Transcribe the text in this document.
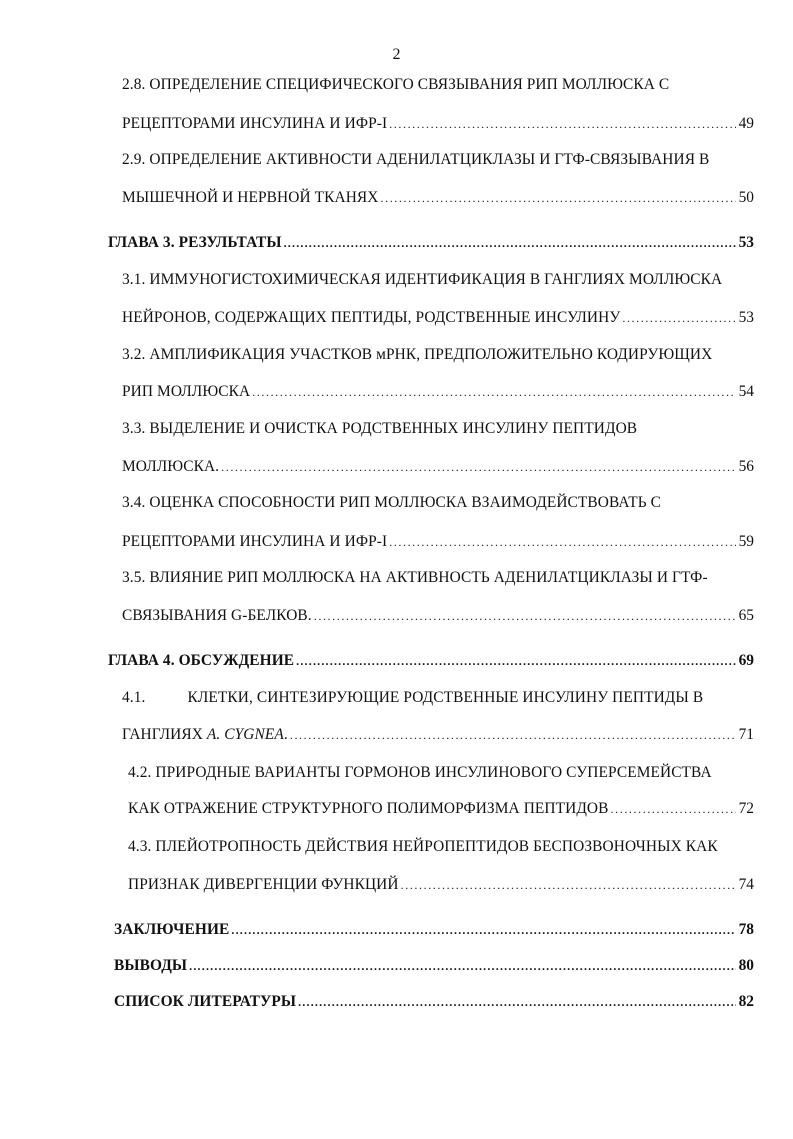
2
2.8. ОПРЕДЕЛЕНИЕ СПЕЦИФИЧЕСКОГО СВЯЗЫВАНИЯ РИП МОЛЛЮСКА С
РЕЦЕПТОРАМИ ИНСУЛИНА И ИФР-I .....	49
2.9. ОПРЕДЕЛЕНИЕ АКТИВНОСТИ АДЕНИЛАТЦИКЛАЗЫ И ГТФ-СВЯЗЫВАНИЯ В
МЫШЕЧНОЙ И НЕРВНОЙ ТКАНЯХ .....	50
ГЛАВА 3. РЕЗУЛЬТАТЫ .....	53
3.1. ИММУНОГИСТОХИМИЧЕСКАЯ ИДЕНТИФИКАЦИЯ В ГАНГЛИЯХ МОЛЛЮСКА
НЕЙРОНОВ, СОДЕРЖАЩИХ ПЕПТИДЫ, РОДСТВЕННЫЕ ИНСУЛИНУ .....	53
3.2. АМПЛИФИКАЦИЯ УЧАСТКОВ мРНК, ПРЕДПОЛОЖИТЕЛЬНО КОДИРУЮЩИХ
РИП МОЛЛЮСКА .....	54
3.3. ВЫДЕЛЕНИЕ И ОЧИСТКА РОДСТВЕННЫХ ИНСУЛИНУ ПЕПТИДОВ
МОЛЛЮСКА. .....	56
3.4. ОЦЕНКА СПОСОБНОСТИ РИП МОЛЛЮСКА ВЗАИМОДЕЙСТВОВАТЬ С
РЕЦЕПТОРАМИ ИНСУЛИНА И ИФР-I .....	59
3.5. ВЛИЯНИЕ РИП МОЛЛЮСКА НА АКТИВНОСТЬ АДЕНИЛАТЦИКЛАЗЫ И ГТФ-
СВЯЗЫВАНИЯ G-БЕЛКОВ. .....	65
ГЛАВА 4. ОБСУЖДЕНИЕ .....	69
4.1.	КЛЕТКИ, СИНТЕЗИРУЮЩИЕ РОДСТВЕННЫЕ ИНСУЛИНУ ПЕПТИДЫ В
ГАНГЛИЯХ A. CYGNEA. .....	71
4.2. ПРИРОДНЫЕ ВАРИАНТЫ ГОРМОНОВ ИНСУЛИНОВОГО СУПЕРСЕМЕЙСТВА
КАК ОТРАЖЕНИЕ СТРУКТУРНОГО ПОЛИМОРФИЗМА ПЕПТИДОВ .....	72
4.3. ПЛЕЙОТРОПНОСТЬ ДЕЙСТВИЯ НЕЙРОПЕПТИДОВ БЕСПОЗВОНОЧНЫХ КАК
ПРИЗНАК ДИВЕРГЕНЦИИ ФУНКЦИЙ .....	74
ЗАКЛЮЧЕНИЕ .....	78
ВЫВОДЫ .....	80
СПИСОК ЛИТЕРАТУРЫ .....	82
